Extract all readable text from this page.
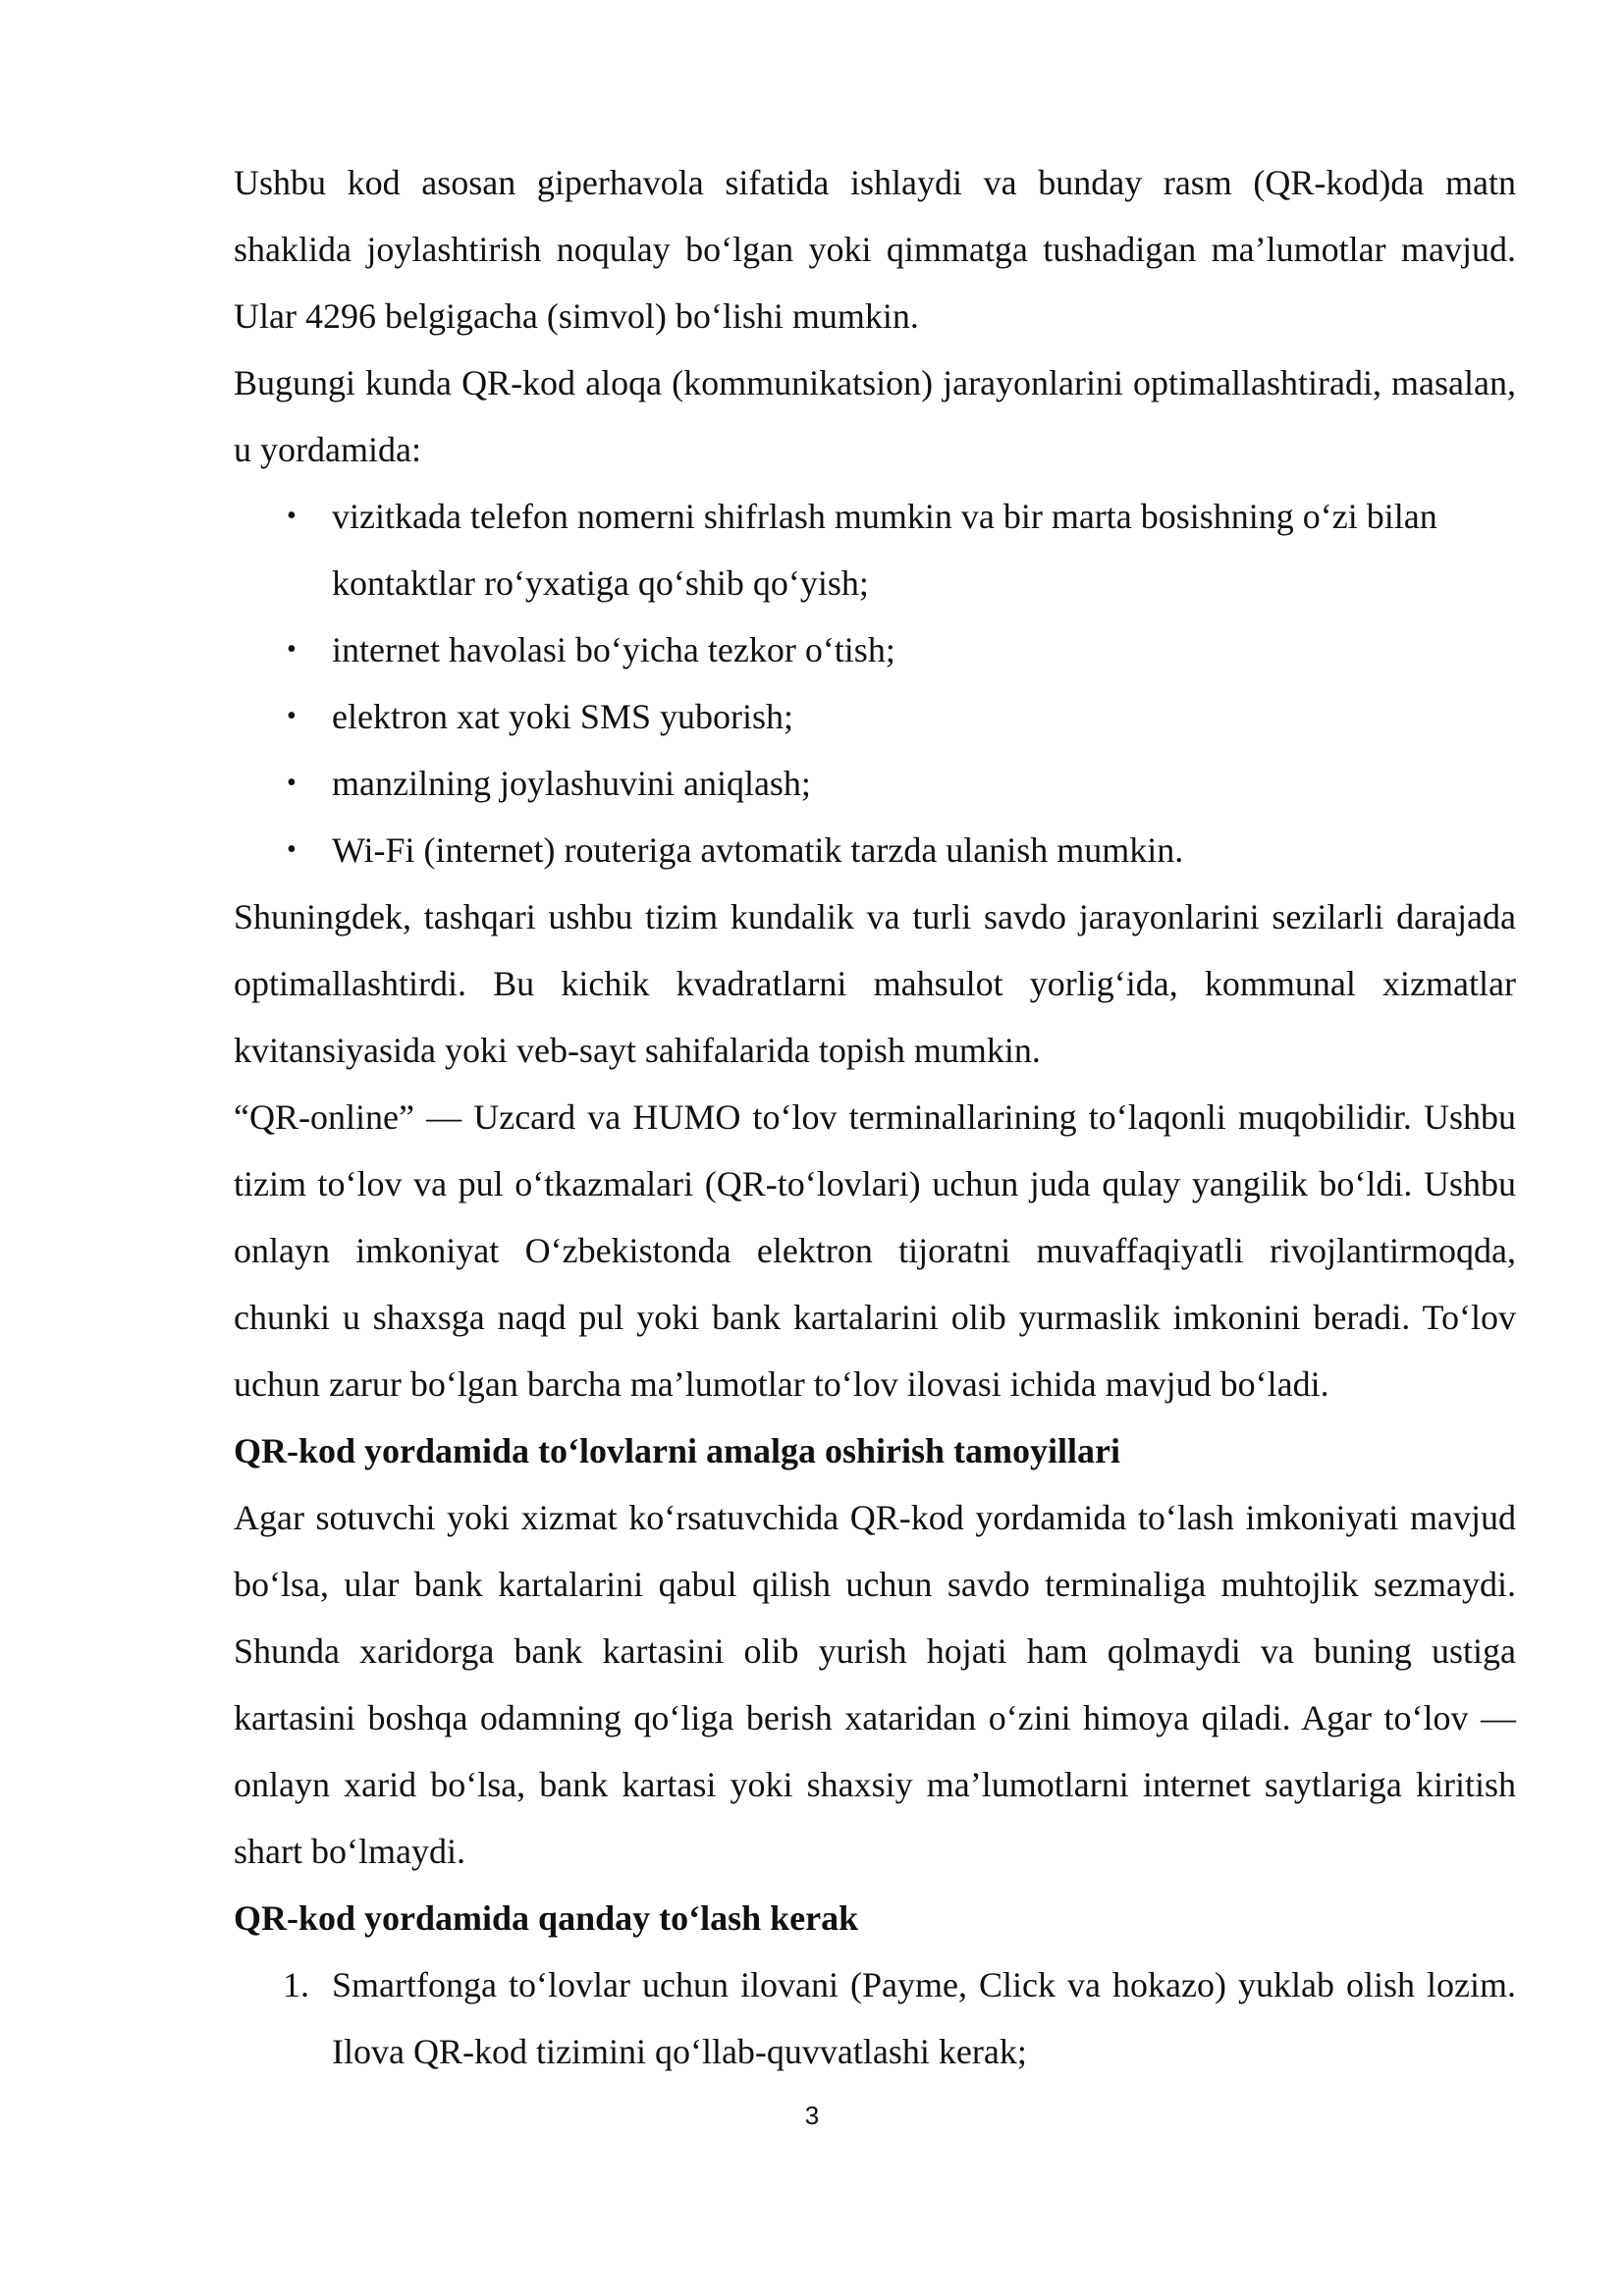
Ushbu kod asosan giperhavola sifatida ishlaydi va bunday rasm (QR-kod)da matn shaklida joylashtirish noqulay bo‘lgan yoki qimmatga tushadigan ma’lumotlar mavjud. Ular 4296 belgigacha (simvol) bo‘lishi mumkin.

Bugungi kunda QR-kod aloqa (kommunikatsion) jarayonlarini optimallashtiradi, masalan, u yordamida:

• vizitkada telefon nomerni shifrlash mumkin va bir marta bosishning o‘zi bilan kontaktlar ro‘yxatiga qo‘shib qo‘yish;
• internet havolasi bo‘yicha tezkor o‘tish;
• elektron xat yoki SMS yuborish;
• manzilning joylashuvini aniqlash;
• Wi-Fi (internet) routeriga avtomatik tarzda ulanish mumkin.

Shuningdek, tashqari ushbu tizim kundalik va turli savdo jarayonlarini sezilarli darajada optimallashtirdi. Bu kichik kvadratlarni mahsulot yorlig‘ida, kommunal xizmatlar kvitansiyasida yoki veb-sayt sahifalarida topish mumkin.

“QR-online” — Uzcard va HUMO to‘lov terminallarining to‘laqonli muqobilidir. Ushbu tizim to‘lov va pul o‘tkazmalari (QR-to‘lovlari) uchun juda qulay yangilik bo‘ldi. Ushbu onlayn imkoniyat O‘zbekistonda elektron tijoratni muvaffaqiyatli rivojlantirmoqda, chunki u shaxsga naqd pul yoki bank kartalarini olib yurmaslik imkonini beradi. To‘lov uchun zarur bo‘lgan barcha ma’lumotlar to‘lov ilovasi ichida mavjud bo‘ladi.

QR-kod yordamida to‘lovlarni amalga oshirish tamoyillari

Agar sotuvchi yoki xizmat ko‘rsatuvchida QR-kod yordamida to‘lash imkoniyati mavjud bo‘lsa, ular bank kartalarini qabul qilish uchun savdo terminaliga muhtojlik sezmaydi. Shunda xaridorga bank kartasini olib yurish hojati ham qolmaydi va buning ustiga kartasini boshqa odamning qo‘liga berish xataridan o‘zini himoya qiladi. Agar to‘lov — onlayn xarid bo‘lsa, bank kartasi yoki shaxsiy ma’lumotlarni internet saytlariga kiritish shart bo‘lmaydi.

QR-kod yordamida qanday to‘lash kerak

1. Smartfonga to‘lovlar uchun ilovani (Payme, Click va hokazo) yuklab olish lozim. Ilova QR-kod tizimini qo‘llab-quvvatlashi kerak;
3
